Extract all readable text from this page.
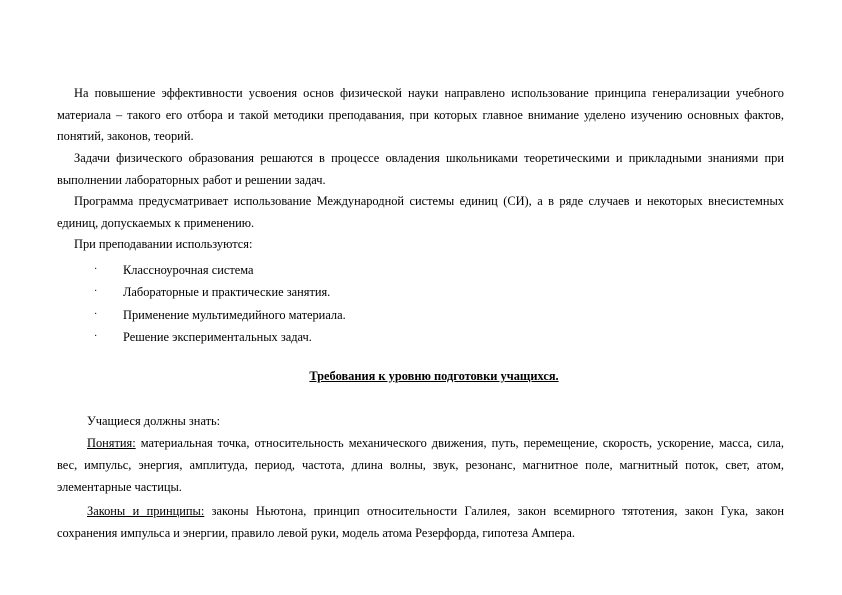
На повышение эффективности усвоения основ физической науки направлено использование принципа генерализации учебного материала – такого его отбора и такой методики преподавания, при которых главное внимание уделено изучению основных фактов, понятий, законов, теорий.

Задачи физического образования решаются в процессе овладения школьниками теоретическими и прикладными знаниями при выполнении лабораторных работ и решении задач.

Программа предусматривает использование Международной системы единиц (СИ), а в ряде случаев и некоторых внесистемных единиц, допускаемых к применению.

При преподавании используются:

· Классноурочная система
· Лабораторные и практические занятия.
· Применение мультимедийного материала.
· Решение экспериментальных задач.
Требования к уровню подготовки учащихся.
Учащиеся должны знать:

Понятия: материальная точка, относительность механического движения, путь, перемещение, скорость, ускорение, масса, сила, вес, импульс, энергия, амплитуда, период, частота, длина волны, звук, резонанс, магнитное поле, магнитный поток, свет, атом, элементарные частицы.

Законы и принципы: законы Ньютона, принцип относительности Галилея, закон всемирного тятотения, закон Гука, закон сохранения импульса и энергии, правило левой руки, модель атома Резерфорда, гипотеза Ампера.
